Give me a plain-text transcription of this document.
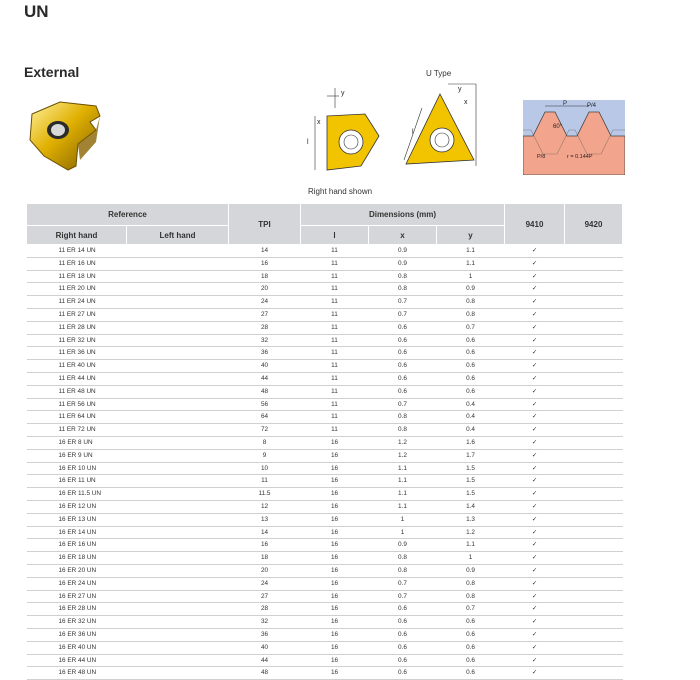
UN
External
y
x
l
U Type
y
x
l
P	P/4
60°
P/8	r = 0.144P
Right hand shown
Reference		TPI	Dimensions (mm)			9410	9420
Right hand	Left hand		l	x	y		
11 ER 14 UN		14	11	0.9	1.1	✓	
11 ER 16 UN		16	11	0.9	1.1	✓	
11 ER 18 UN		18	11	0.8	1	✓	
11 ER 20 UN		20	11	0.8	0.9	✓	
11 ER 24 UN		24	11	0.7	0.8	✓	
11 ER 27 UN		27	11	0.7	0.8	✓	
11 ER 28 UN		28	11	0.6	0.7	✓	
11 ER 32 UN		32	11	0.6	0.6	✓	
11 ER 36 UN		36	11	0.6	0.6	✓	
11 ER 40 UN		40	11	0.6	0.6	✓	
11 ER 44 UN		44	11	0.6	0.6	✓	
11 ER 48 UN		48	11	0.6	0.6	✓	
11 ER 56 UN		56	11	0.7	0.4	✓	
11 ER 64 UN		64	11	0.8	0.4	✓	
11 ER 72 UN		72	11	0.8	0.4	✓	
16 ER 8 UN		8	16	1.2	1.6	✓	
16 ER 9 UN		9	16	1.2	1.7	✓	
16 ER 10 UN		10	16	1.1	1.5	✓	
16 ER 11 UN		11	16	1.1	1.5	✓	
16 ER 11.5 UN		11.5	16	1.1	1.5	✓	
16 ER 12 UN		12	16	1.1	1.4	✓	
16 ER 13 UN		13	16	1	1.3	✓	
16 ER 14 UN		14	16	1	1.2	✓	
16 ER 16 UN		16	16	0.9	1.1	✓	
16 ER 18 UN		18	16	0.8	1	✓	
16 ER 20 UN		20	16	0.8	0.9	✓	
16 ER 24 UN		24	16	0.7	0.8	✓	
16 ER 27 UN		27	16	0.7	0.8	✓	
16 ER 28 UN		28	16	0.6	0.7	✓	
16 ER 32 UN		32	16	0.6	0.6	✓	
16 ER 36 UN		36	16	0.6	0.6	✓	
16 ER 40 UN		40	16	0.6	0.6	✓	
16 ER 44 UN		44	16	0.6	0.6	✓	
16 ER 48 UN		48	16	0.6	0.6	✓	
